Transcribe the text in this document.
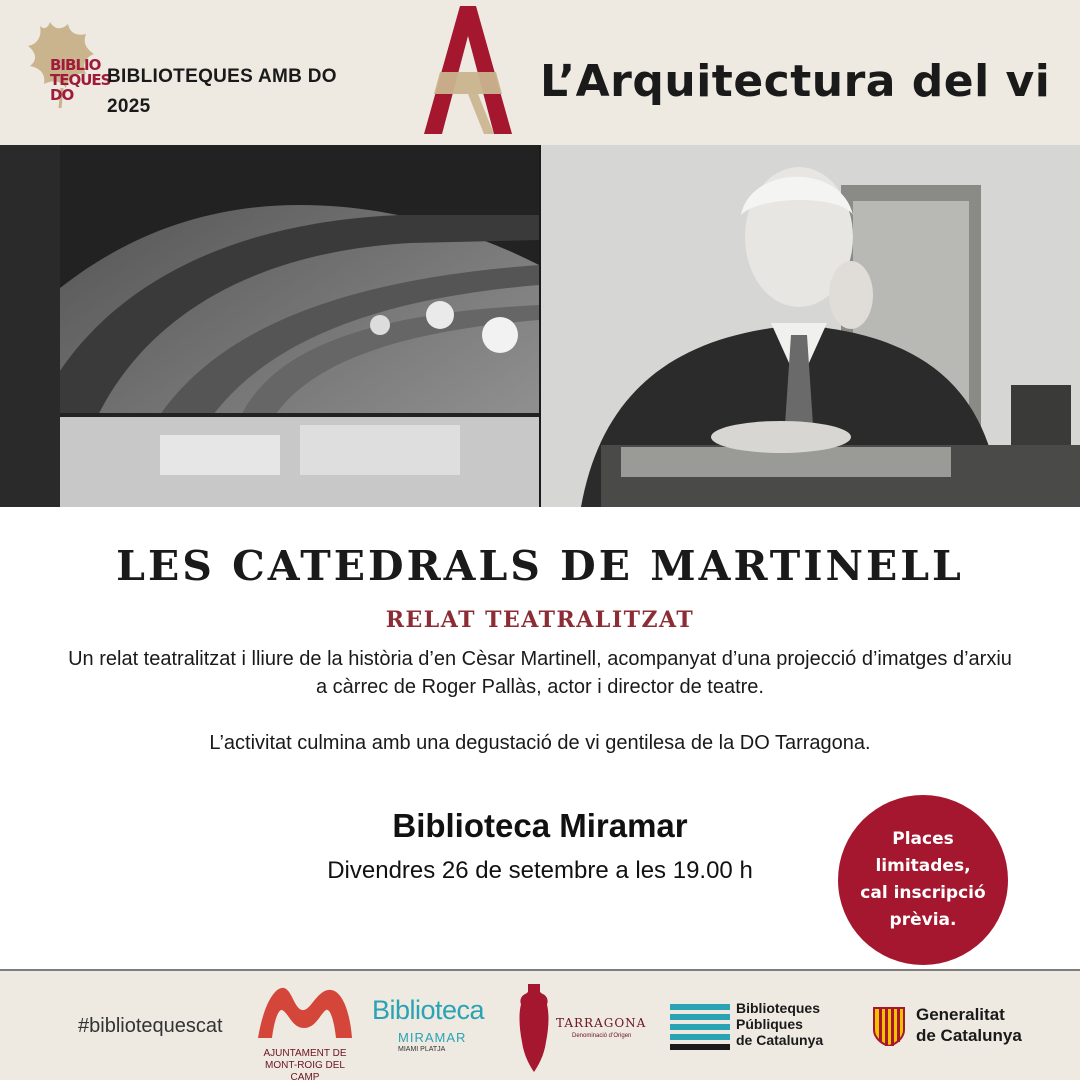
BIBLIO
TEQUES
DO
BIBLIOTEQUES AMB DO
2025	L’Arquitectura del vi
LES CATEDRALS DE MARTINELL
RELAT TEATRALITZAT

Un relat teatralitzat i lliure de la història d’en Cèsar Martinell, acompanyat d’una projecció d’imatges d’arxiu a càrrec de Roger Pallàs, actor i director de teatre.

L’activitat culmina amb una degustació de vi gentilesa de la DO Tarragona.

Biblioteca Miramar
Divendres 26 de setembre a les 19.00 h
Places
limitades,
cal inscripció
prèvia.
#bibliotequescat
AJUNTAMENT DE MONT-ROIG DEL CAMP
Biblioteca
MIRAMAR
MIAMI PLATJA
TARRAGONA
Denominació d’Origen
Biblioteques
Públiques
de Catalunya
Generalitat
de Catalunya
